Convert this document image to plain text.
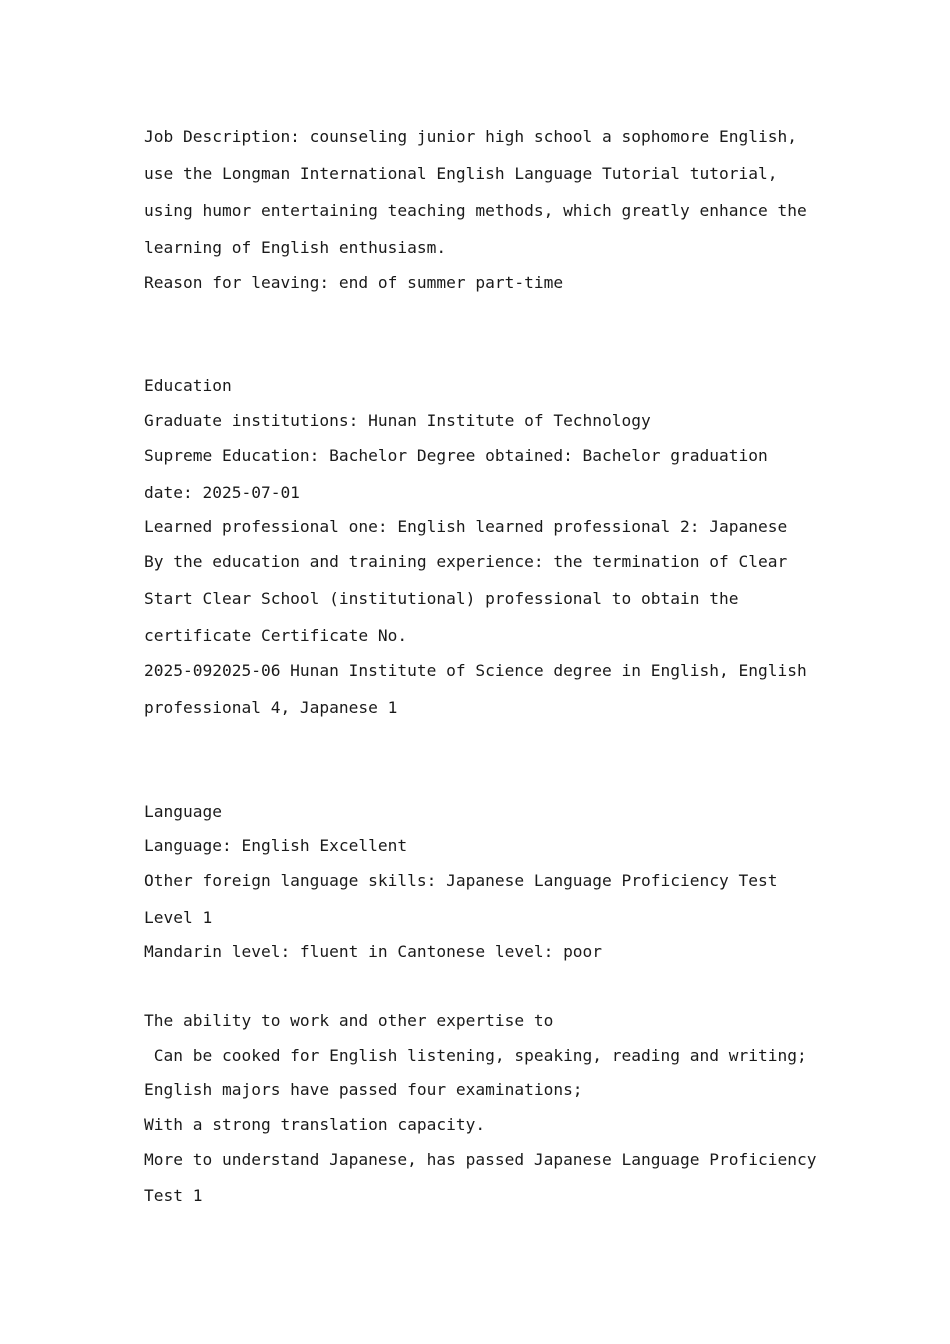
Job Description: counseling junior high school a sophomore English,

use the Longman International English Language Tutorial tutorial,

using humor entertaining teaching methods, which greatly enhance the

learning of English enthusiasm.

Reason for leaving: end of summer part-time

Education

Graduate institutions: Hunan Institute of Technology

Supreme Education: Bachelor Degree obtained: Bachelor graduation

date: 2025-07-01

Learned professional one: English learned professional 2: Japanese

By the education and training experience: the termination of Clear

Start Clear School (institutional) professional to obtain the

certificate Certificate No.

2025-092025-06 Hunan Institute of Science degree in English, English

professional 4, Japanese 1

Language

Language: English Excellent

Other foreign language skills: Japanese Language Proficiency Test

Level 1

Mandarin level: fluent in Cantonese level: poor

The ability to work and other expertise to

Can be cooked for English listening, speaking, reading and writing;

English majors have passed four examinations;

With a strong translation capacity.

More to understand Japanese, has passed Japanese Language Proficiency

Test 1
